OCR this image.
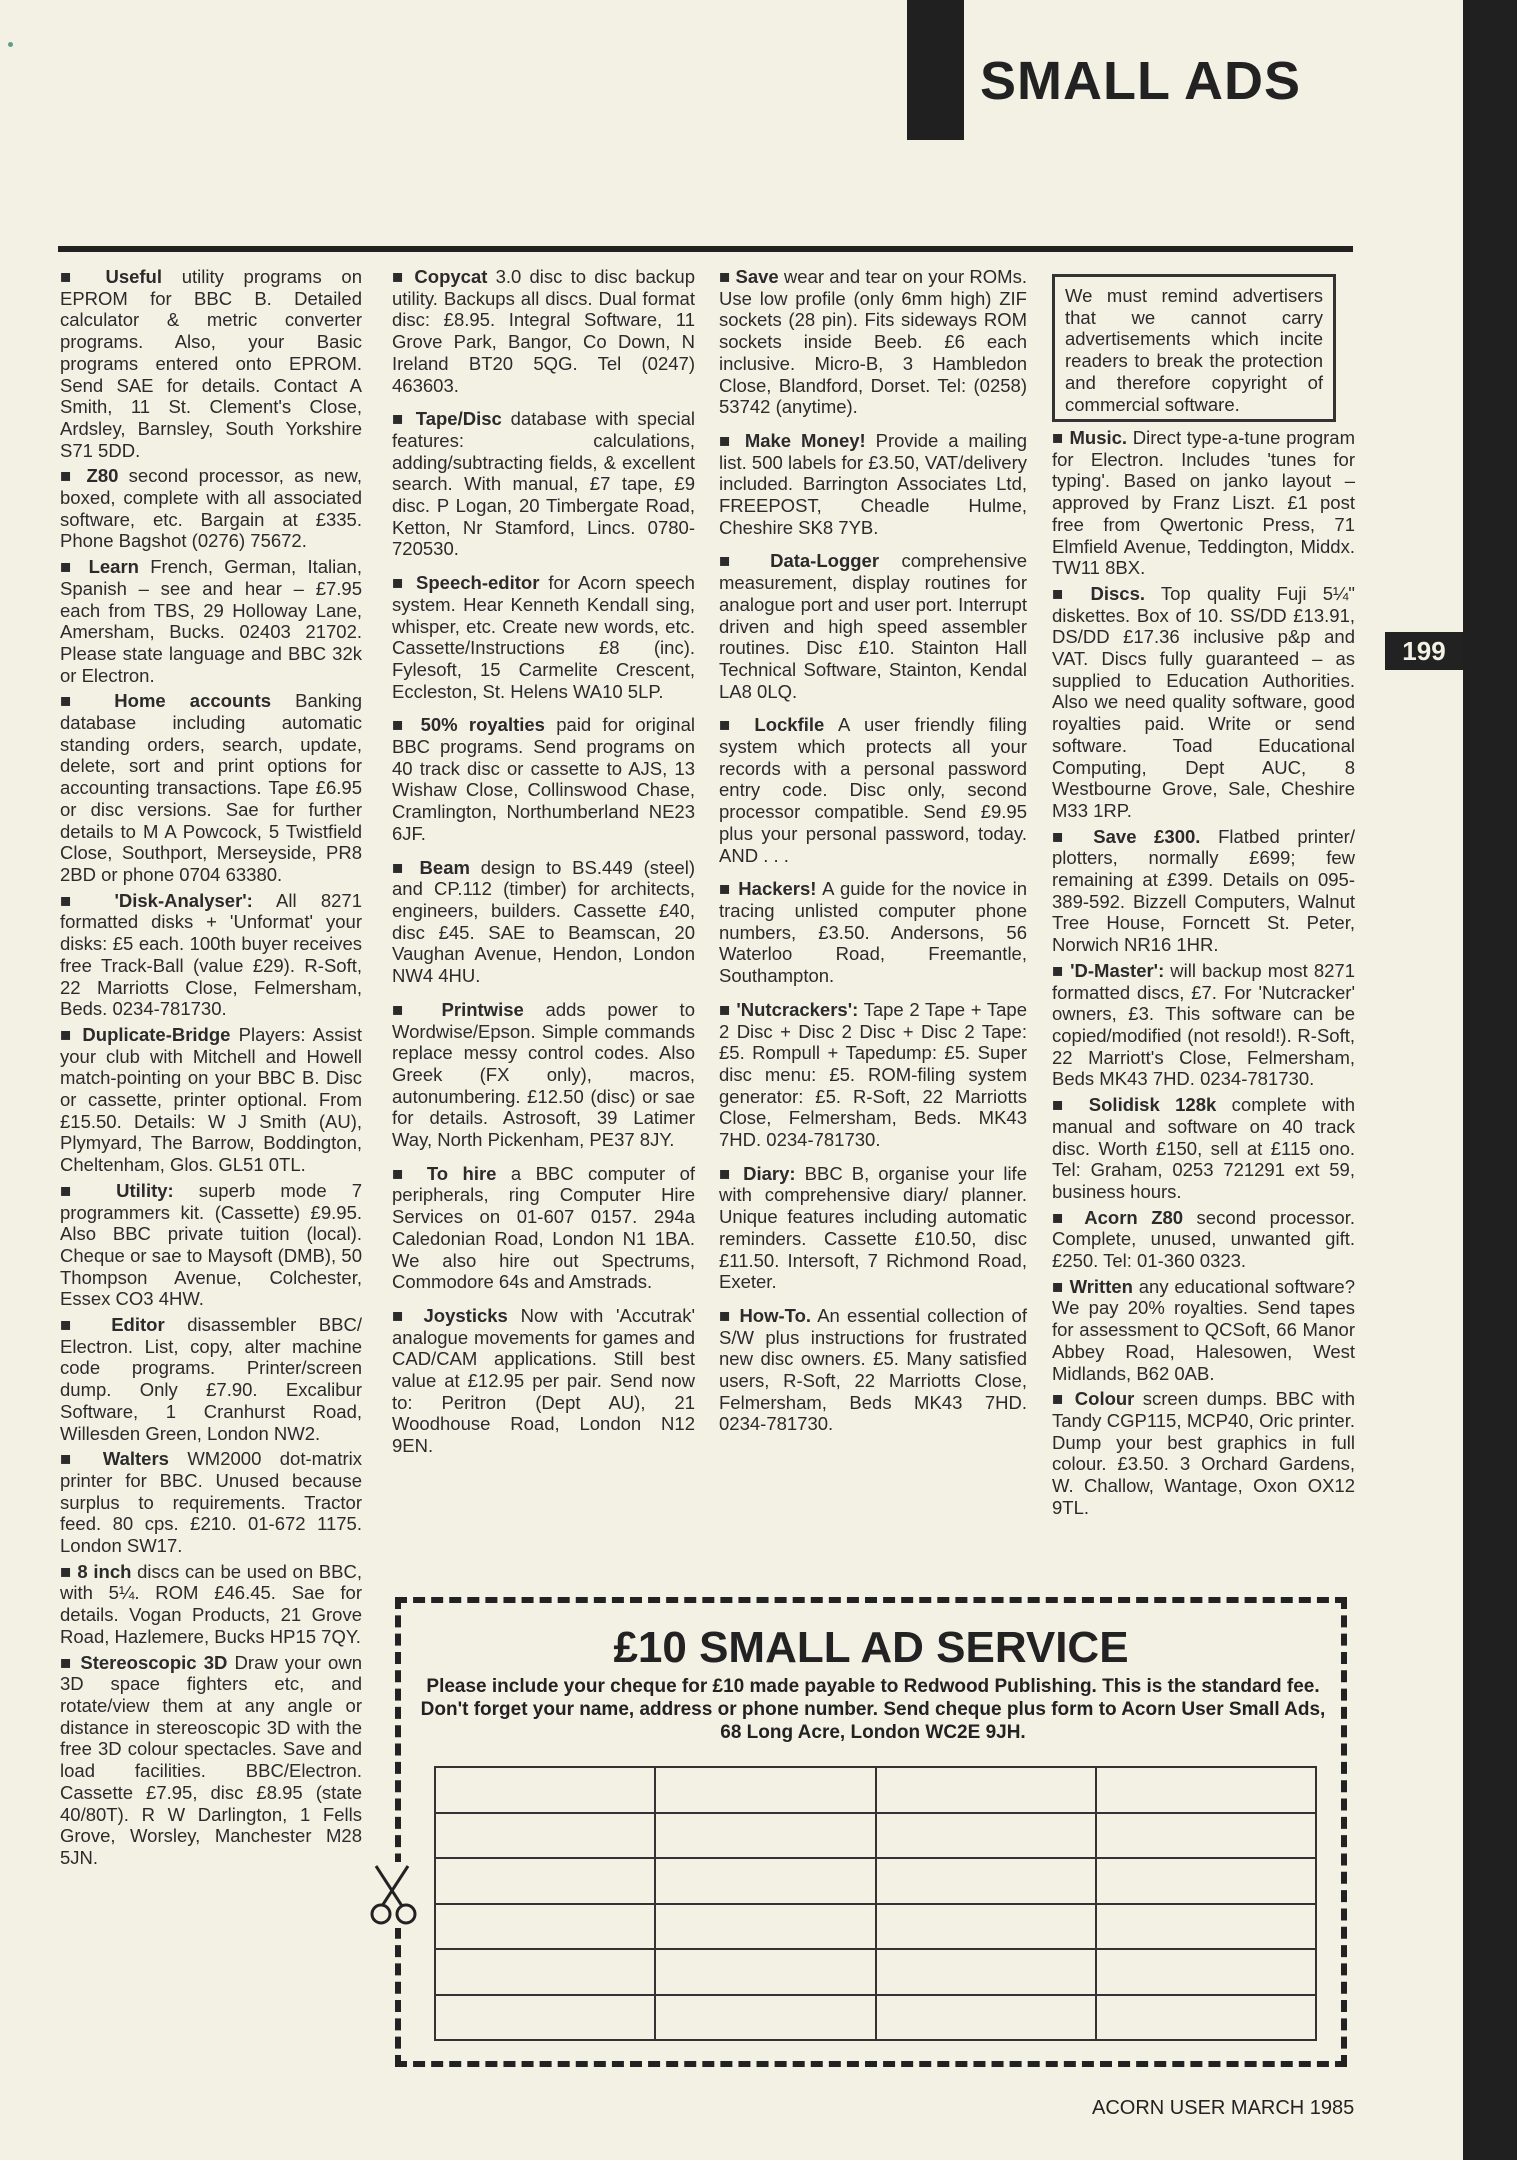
SMALL ADS
199

■ Useful utility programs on EPROM for BBC B. Detailed calculator & metric converter programs. Also, your Basic programs entered onto EPROM. Send SAE for details. Contact A Smith, 11 St. Clement's Close, Ardsley, Barnsley, South Yorkshire S71 5DD.

■ Z80 second processor, as new, boxed, complete with all associated software, etc. Bargain at £335. Phone Bagshot (0276) 75672.

■ Learn French, German, Italian, Spanish – see and hear – £7.95 each from TBS, 29 Holloway Lane, Amersham, Bucks. 02403 21702. Please state language and BBC 32k or Electron.

■ Home accounts Banking database including automatic standing orders, search, update, delete, sort and print options for accounting transactions. Tape £6.95 or disc versions. Sae for further details to M A Powcock, 5 Twistfield Close, Southport, Merseyside, PR8 2BD or phone 0704 63380.

■ 'Disk-Analyser': All 8271 formatted disks + 'Unformat' your disks: £5 each. 100th buyer receives free Track-Ball (value £29). R-Soft, 22 Marriotts Close, Felmersham, Beds. 0234-781730.

■ Duplicate-Bridge Players: Assist your club with Mitchell and Howell match-pointing on your BBC B. Disc or cassette, printer optional. From £15.50. Details: W J Smith (AU), Plymyard, The Barrow, Boddington, Cheltenham, Glos. GL51 0TL.

■ Utility: superb mode 7 programmers kit. (Cassette) £9.95. Also BBC private tuition (local). Cheque or sae to Maysoft (DMB), 50 Thompson Avenue, Colchester, Essex CO3 4HW.

■ Editor disassembler BBC/ Electron. List, copy, alter machine code programs. Printer/screen dump. Only £7.90. Excalibur Software, 1 Cranhurst Road, Willesden Green, London NW2.

■ Walters WM2000 dot-matrix printer for BBC. Unused because surplus to requirements. Tractor feed. 80 cps. £210. 01-672 1175. London SW17.

■ 8 inch discs can be used on BBC, with 5¼. ROM £46.45. Sae for details. Vogan Products, 21 Grove Road, Hazlemere, Bucks HP15 7QY.

■ Stereoscopic 3D Draw your own 3D space fighters etc, and rotate/view them at any angle or distance in stereoscopic 3D with the free 3D colour spectacles. Save and load facilities. BBC/Electron. Cassette £7.95, disc £8.95 (state 40/80T). R W Darlington, 1 Fells Grove, Worsley, Manchester M28 5JN.

■ Copycat 3.0 disc to disc backup utility. Backups all discs. Dual format disc: £8.95. Integral Software, 11 Grove Park, Bangor, Co Down, N Ireland BT20 5QG. Tel (0247) 463603.

■ Tape/Disc database with special features: calculations, adding/subtracting fields, & excellent search. With manual, £7 tape, £9 disc. P Logan, 20 Timbergate Road, Ketton, Nr Stamford, Lincs. 0780-720530.

■ Speech-editor for Acorn speech system. Hear Kenneth Kendall sing, whisper, etc. Create new words, etc. Cassette/Instructions £8 (inc). Fylesoft, 15 Carmelite Crescent, Eccleston, St. Helens WA10 5LP.

■ 50% royalties paid for original BBC programs. Send programs on 40 track disc or cassette to AJS, 13 Wishaw Close, Collinswood Chase, Cramlington, Northumberland NE23 6JF.

■ Beam design to BS.449 (steel) and CP.112 (timber) for architects, engineers, builders. Cassette £40, disc £45. SAE to Beamscan, 20 Vaughan Avenue, Hendon, London NW4 4HU.

■ Printwise adds power to Wordwise/Epson. Simple commands replace messy control codes. Also Greek (FX only), macros, autonumbering. £12.50 (disc) or sae for details. Astrosoft, 39 Latimer Way, North Pickenham, PE37 8JY.

■ To hire a BBC computer of peripherals, ring Computer Hire Services on 01-607 0157. 294a Caledonian Road, London N1 1BA. We also hire out Spectrums, Commodore 64s and Amstrads.

■ Joysticks Now with 'Accutrak' analogue movements for games and CAD/CAM applications. Still best value at £12.95 per pair. Send now to: Peritron (Dept AU), 21 Woodhouse Road, London N12 9EN.

■ Save wear and tear on your ROMs. Use low profile (only 6mm high) ZIF sockets (28 pin). Fits sideways ROM sockets inside Beeb. £6 each inclusive. Micro-B, 3 Hambledon Close, Blandford, Dorset. Tel: (0258) 53742 (anytime).

■ Make Money! Provide a mailing list. 500 labels for £3.50, VAT/delivery included. Barrington Associates Ltd, FREEPOST, Cheadle Hulme, Cheshire SK8 7YB.

■ Data-Logger comprehensive measurement, display routines for analogue port and user port. Interrupt driven and high speed assembler routines. Disc £10. Stainton Hall Technical Software, Stainton, Kendal LA8 0LQ.

■ Lockfile A user friendly filing system which protects all your records with a personal password entry code. Disc only, second processor compatible. Send £9.95 plus your personal password, today. AND . . .

■ Hackers! A guide for the novice in tracing unlisted computer phone numbers, £3.50. Andersons, 56 Waterloo Road, Freemantle, Southampton.

■ 'Nutcrackers': Tape 2 Tape + Tape 2 Disc + Disc 2 Disc + Disc 2 Tape: £5. Rompull + Tapedump: £5. Super disc menu: £5. ROM-filing system generator: £5. R-Soft, 22 Marriotts Close, Felmersham, Beds. MK43 7HD. 0234-781730.

■ Diary: BBC B, organise your life with comprehensive diary/ planner. Unique features including automatic reminders. Cassette £10.50, disc £11.50. Intersoft, 7 Richmond Road, Exeter.

■ How-To. An essential collection of S/W plus instructions for frustrated new disc owners. £5. Many satisfied users, R-Soft, 22 Marriotts Close, Felmersham, Beds MK43 7HD. 0234-781730.

We must remind advertisers that we cannot carry advertisements which incite readers to break the protection and therefore copyright of commercial software.

■ Music. Direct type-a-tune program for Electron. Includes 'tunes for typing'. Based on janko layout – approved by Franz Liszt. £1 post free from Qwertonic Press, 71 Elmfield Avenue, Teddington, Middx. TW11 8BX.

■ Discs. Top quality Fuji 5¼" diskettes. Box of 10. SS/DD £13.91, DS/DD £17.36 inclusive p&p and VAT. Discs fully guaranteed – as supplied to Education Authorities. Also we need quality software, good royalties paid. Write or send software. Toad Educational Computing, Dept AUC, 8 Westbourne Grove, Sale, Cheshire M33 1RP.

■ Save £300. Flatbed printer/ plotters, normally £699; few remaining at £399. Details on 095-389-592. Bizzell Computers, Walnut Tree House, Forncett St. Peter, Norwich NR16 1HR.

■ 'D-Master': will backup most 8271 formatted discs, £7. For 'Nutcracker' owners, £3. This software can be copied/modified (not resold!). R-Soft, 22 Marriott's Close, Felmersham, Beds MK43 7HD. 0234-781730.

■ Solidisk 128k complete with manual and software on 40 track disc. Worth £150, sell at £115 ono. Tel: Graham, 0253 721291 ext 59, business hours.

■ Acorn Z80 second processor. Complete, unused, unwanted gift. £250. Tel: 01-360 0323.

■ Written any educational software? We pay 20% royalties. Send tapes for assessment to QCSoft, 66 Manor Abbey Road, Halesowen, West Midlands, B62 0AB.

■ Colour screen dumps. BBC with Tandy CGP115, MCP40, Oric printer. Dump your best graphics in full colour. £3.50. 3 Orchard Gardens, W. Challow, Wantage, Oxon OX12 9TL.

£10 SMALL AD SERVICE
Please include your cheque for £10 made payable to Redwood Publishing. This is the standard fee. Don't forget your name, address or phone number. Send cheque plus form to Acorn User Small Ads, 68 Long Acre, London WC2E 9JH.

ACORN USER MARCH 1985
